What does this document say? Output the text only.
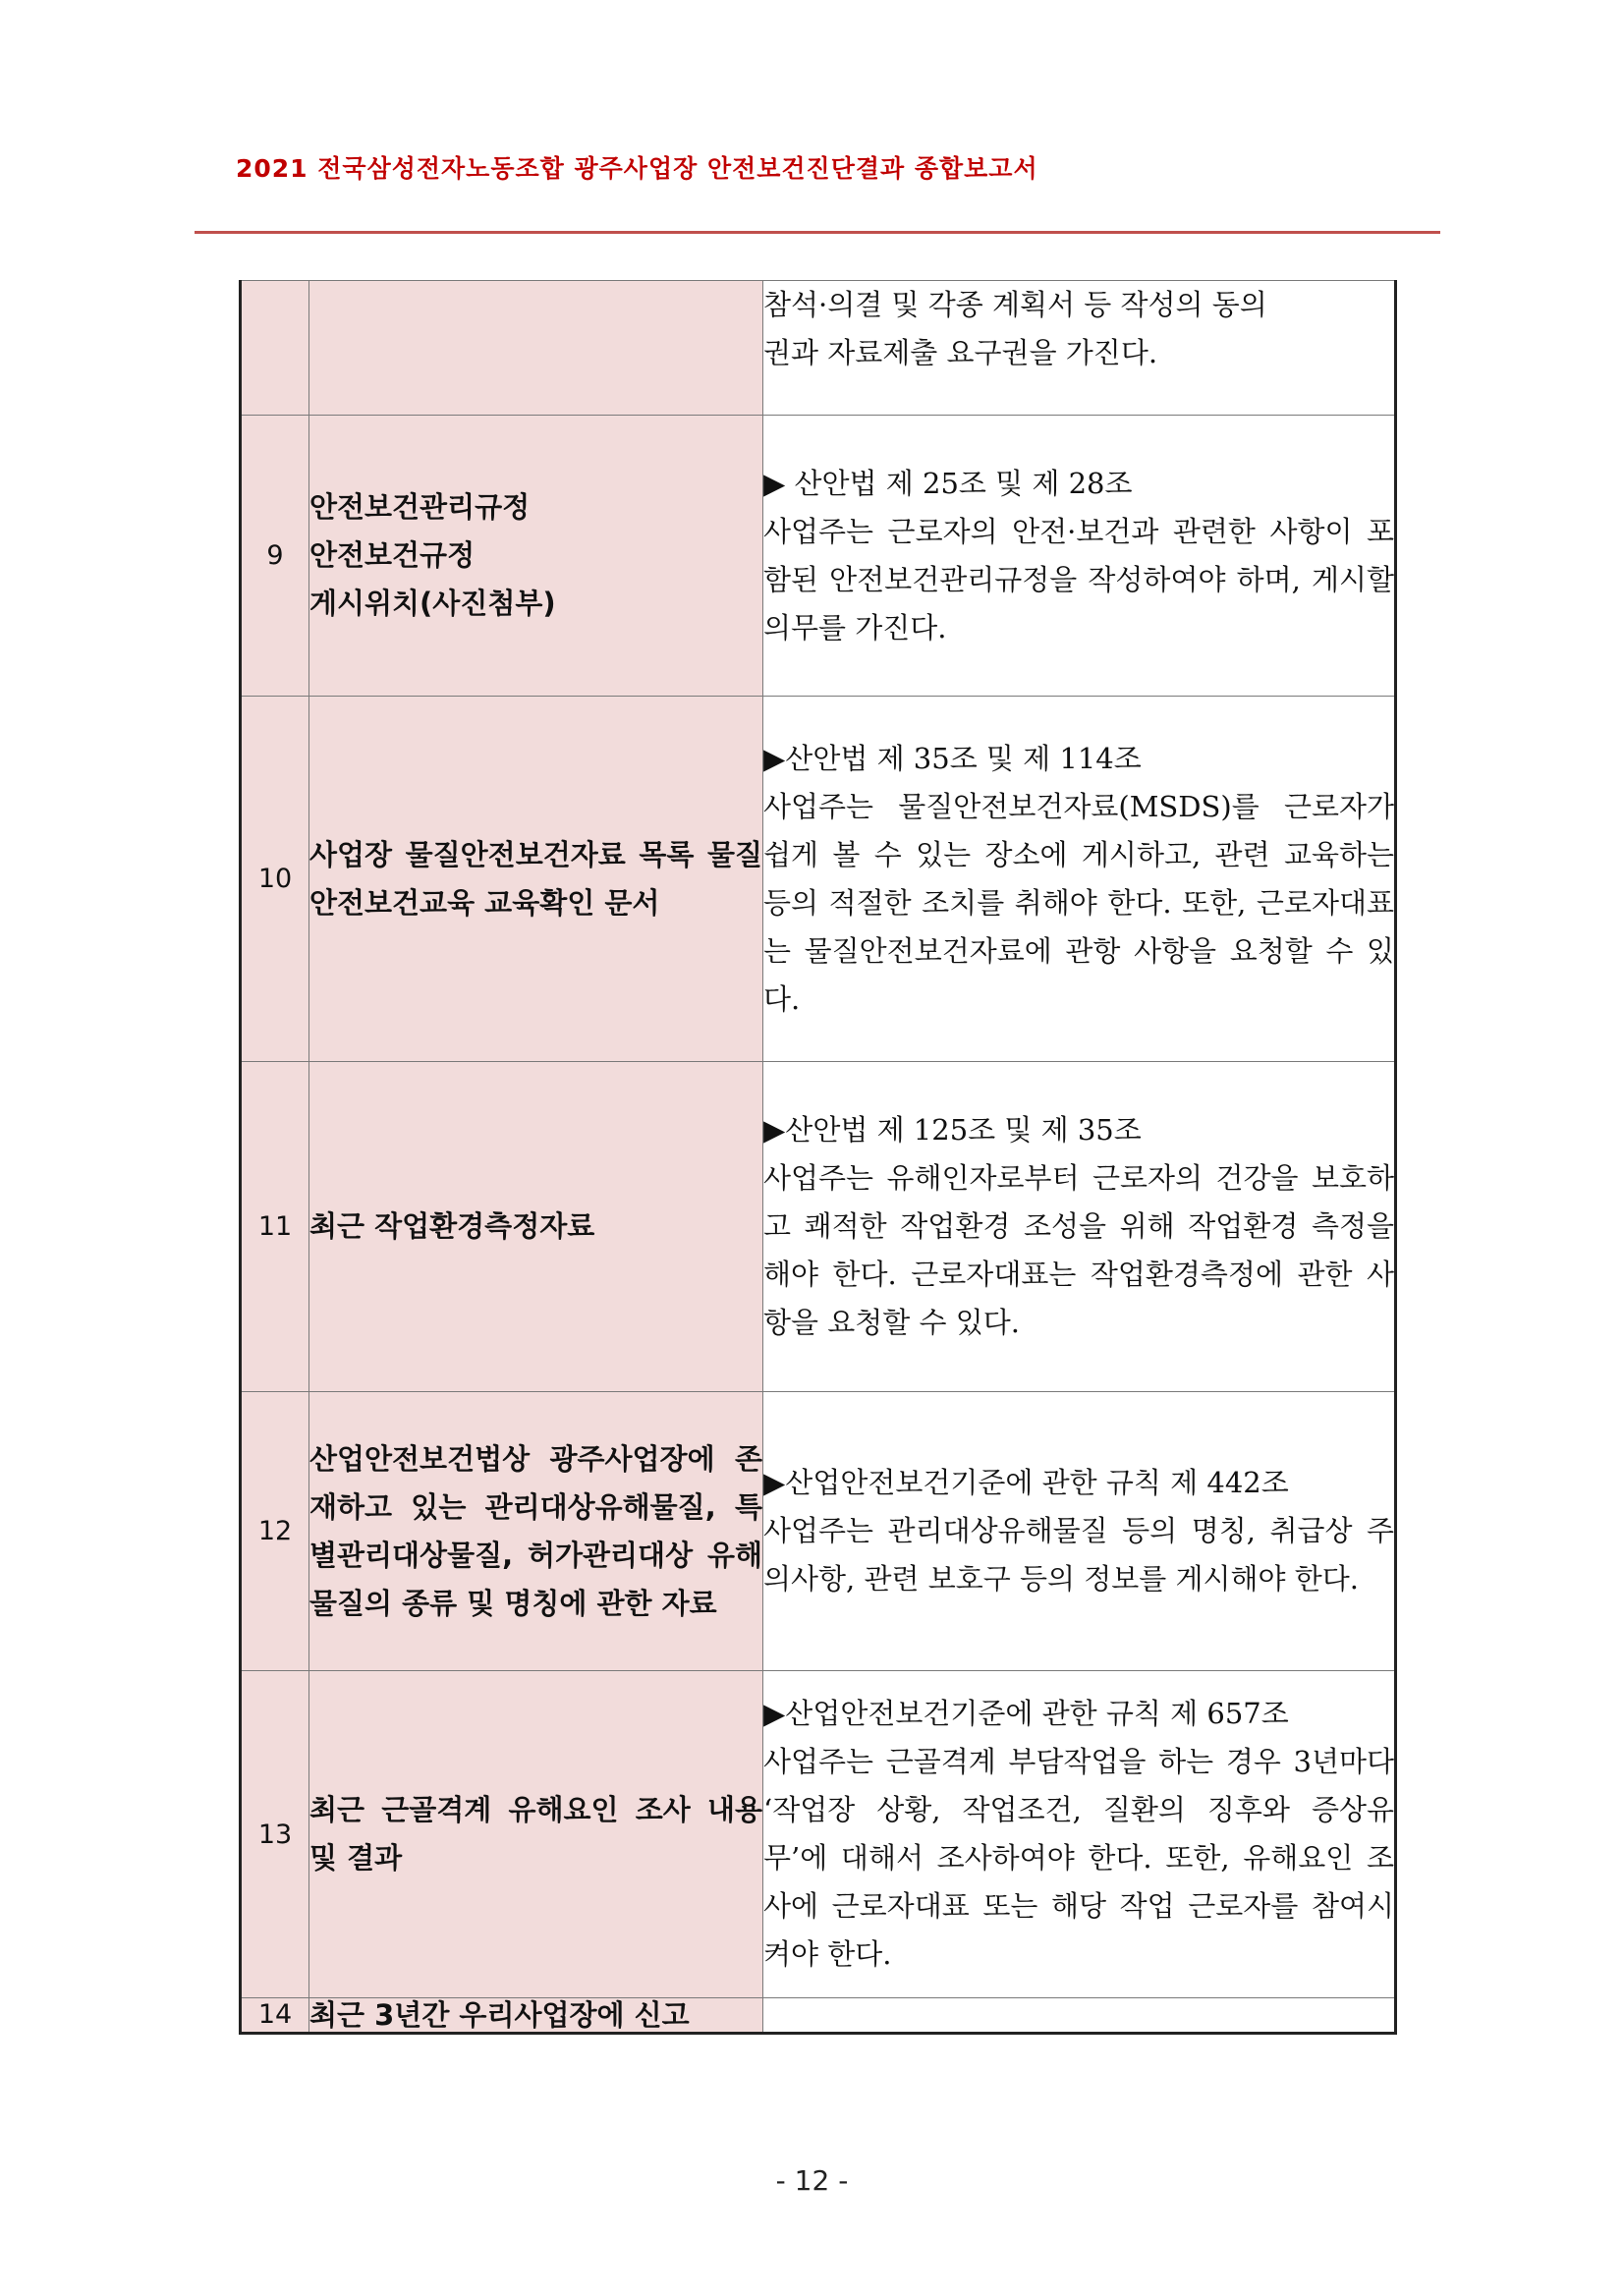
2021 전국삼성전자노동조합 광주사업장 안전보건진단결과 종합보고서

		참석·의결 및 각종 계획서 등 작성의 동의
권과 자료제출 요구권을 가진다.

9	안전보건관리규정
안전보건규정
게시위치(사진첨부)	▶ 산안법 제 25조 및 제 28조
사업주는 근로자의 안전·보건과 관련한 사항이 포함된 안전보건관리규정을 작성하여야 하며, 게시할 의무를 가진다.

10	사업장 물질안전보건자료 목록 물질안전보건교육 교육확인 문서	▶산안법 제 35조 및 제 114조
사업주는 물질안전보건자료(MSDS)를 근로자가 쉽게 볼 수 있는 장소에 게시하고, 관련 교육하는 등의 적절한 조치를 취해야 한다. 또한, 근로자대표는 물질안전보건자료에 관항 사항을 요청할 수 있다.

11	최근 작업환경측정자료	▶산안법 제 125조 및 제 35조
사업주는 유해인자로부터 근로자의 건강을 보호하고 쾌적한 작업환경 조성을 위해 작업환경 측정을 해야 한다. 근로자대표는 작업환경측정에 관한 사항을 요청할 수 있다.

12	산업안전보건법상 광주사업장에 존재하고 있는 관리대상유해물질, 특별관리대상물질, 허가관리대상 유해물질의 종류 및 명칭에 관한 자료	▶산업안전보건기준에 관한 규칙 제 442조
사업주는 관리대상유해물질 등의 명칭, 취급상 주의사항, 관련 보호구 등의 정보를 게시해야 한다.

13	최근 근골격계 유해요인 조사 내용 및 결과	▶산업안전보건기준에 관한 규칙 제 657조
사업주는 근골격계 부담작업을 하는 경우 3년마다 ‘작업장 상황, 작업조건, 질환의 징후와 증상유무’에 대해서 조사하여야 한다. 또한, 유해요인 조사에 근로자대표 또는 해당 작업 근로자를 참여시켜야 한다.

14	최근 3년간 우리사업장에 신고	
- 12 -
